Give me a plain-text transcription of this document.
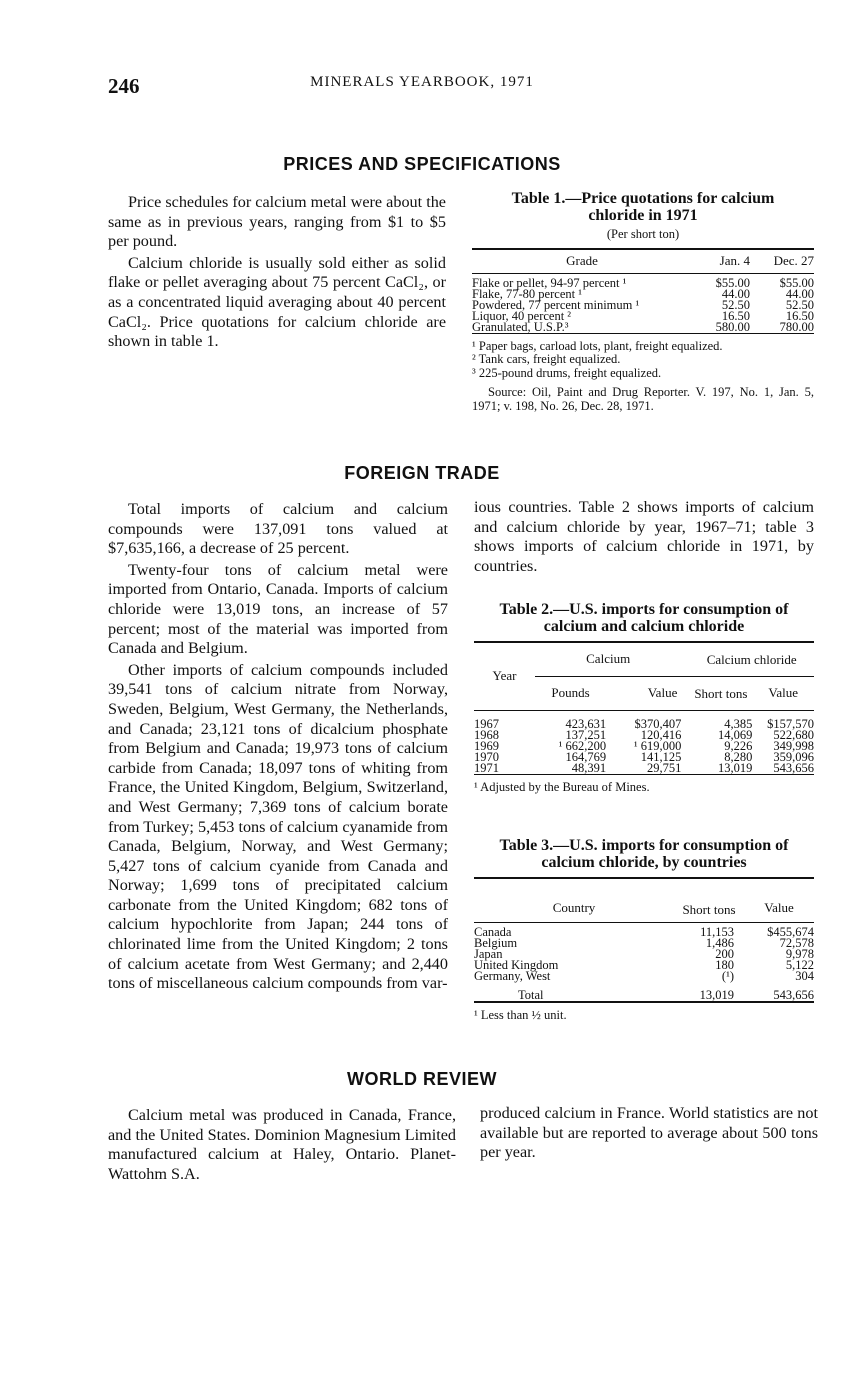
246	MINERALS YEARBOOK, 1971
PRICES AND SPECIFICATIONS

Price schedules for calcium metal were about the same as in previous years, ranging from $1 to $5 per pound.

Calcium chloride is usually sold either as solid flake or pellet averaging about 75 percent CaCl₂, or as a concentrated liquid averaging about 40 percent CaCl₂. Price quotations for calcium chloride are shown in table 1.

Table 1.—Price quotations for calcium chloride in 1971
(Per short ton)
Grade	Jan. 4	Dec. 27

Flake or pellet, 94-97 percent ¹	$55.00	$55.00
Flake, 77-80 percent ¹	44.00	44.00
Powdered, 77 percent minimum ¹	52.50	52.50
Liquor, 40 percent ²	16.50	16.50
Granulated, U.S.P.³	580.00	780.00

¹ Paper bags, carload lots, plant, freight equalized.
² Tank cars, freight equalized.
³ 225-pound drums, freight equalized.
Source: Oil, Paint and Drug Reporter. V. 197, No. 1, Jan. 5, 1971; v. 198, No. 26, Dec. 28, 1971.
FOREIGN TRADE

Total imports of calcium and calcium compounds were 137,091 tons valued at $7,635,166, a decrease of 25 percent.

Twenty-four tons of calcium metal were imported from Ontario, Canada. Imports of calcium chloride were 13,019 tons, an increase of 57 percent; most of the material was imported from Canada and Belgium.

Other imports of calcium compounds included 39,541 tons of calcium nitrate from Norway, Sweden, Belgium, West Germany, the Netherlands, and Canada; 23,121 tons of dicalcium phosphate from Belgium and Canada; 19,973 tons of calcium carbide from Canada; 18,097 tons of whiting from France, the United Kingdom, Belgium, Switzerland, and West Germany; 7,369 tons of calcium borate from Turkey; 5,453 tons of calcium cyanamide from Canada, Belgium, Norway, and West Germany; 5,427 tons of calcium cyanide from Canada and Norway; 1,699 tons of precipitated calcium carbonate from the United Kingdom; 682 tons of calcium hypochlorite from Japan; 244 tons of chlorinated lime from the United Kingdom; 2 tons of calcium acetate from West Germany; and 2,440 tons of miscellaneous calcium compounds from var-

ious countries. Table 2 shows imports of calcium and calcium chloride by year, 1967–71; table 3 shows imports of calcium chloride in 1971, by countries.

Table 2.—U.S. imports for consumption of calcium and calcium chloride
Year	Calcium		Calcium chloride	
	Pounds	Value	Short tons	Value

1967	423,631	$370,407	4,385	$157,570
1968	137,251	120,416	14,069	522,680
1969	¹ 662,200	¹ 619,000	9,226	349,998
1970	164,769	141,125	8,280	359,096
1971	48,391	29,751	13,019	543,656

¹ Adjusted by the Bureau of Mines.
Table 3.—U.S. imports for consumption of calcium chloride, by countries
Country	Short tons	Value

Canada	11,153	$455,674
Belgium	1,486	72,578
Japan	200	9,978
United Kingdom	180	5,122
Germany, West	(¹)	304

Total	13,019	543,656

¹ Less than ½ unit.
WORLD REVIEW

Calcium metal was produced in Canada, France, and the United States. Dominion Magnesium Limited manufactured calcium at Haley, Ontario. Planet-Wattohm S.A.

produced calcium in France. World statistics are not available but are reported to average about 500 tons per year.
